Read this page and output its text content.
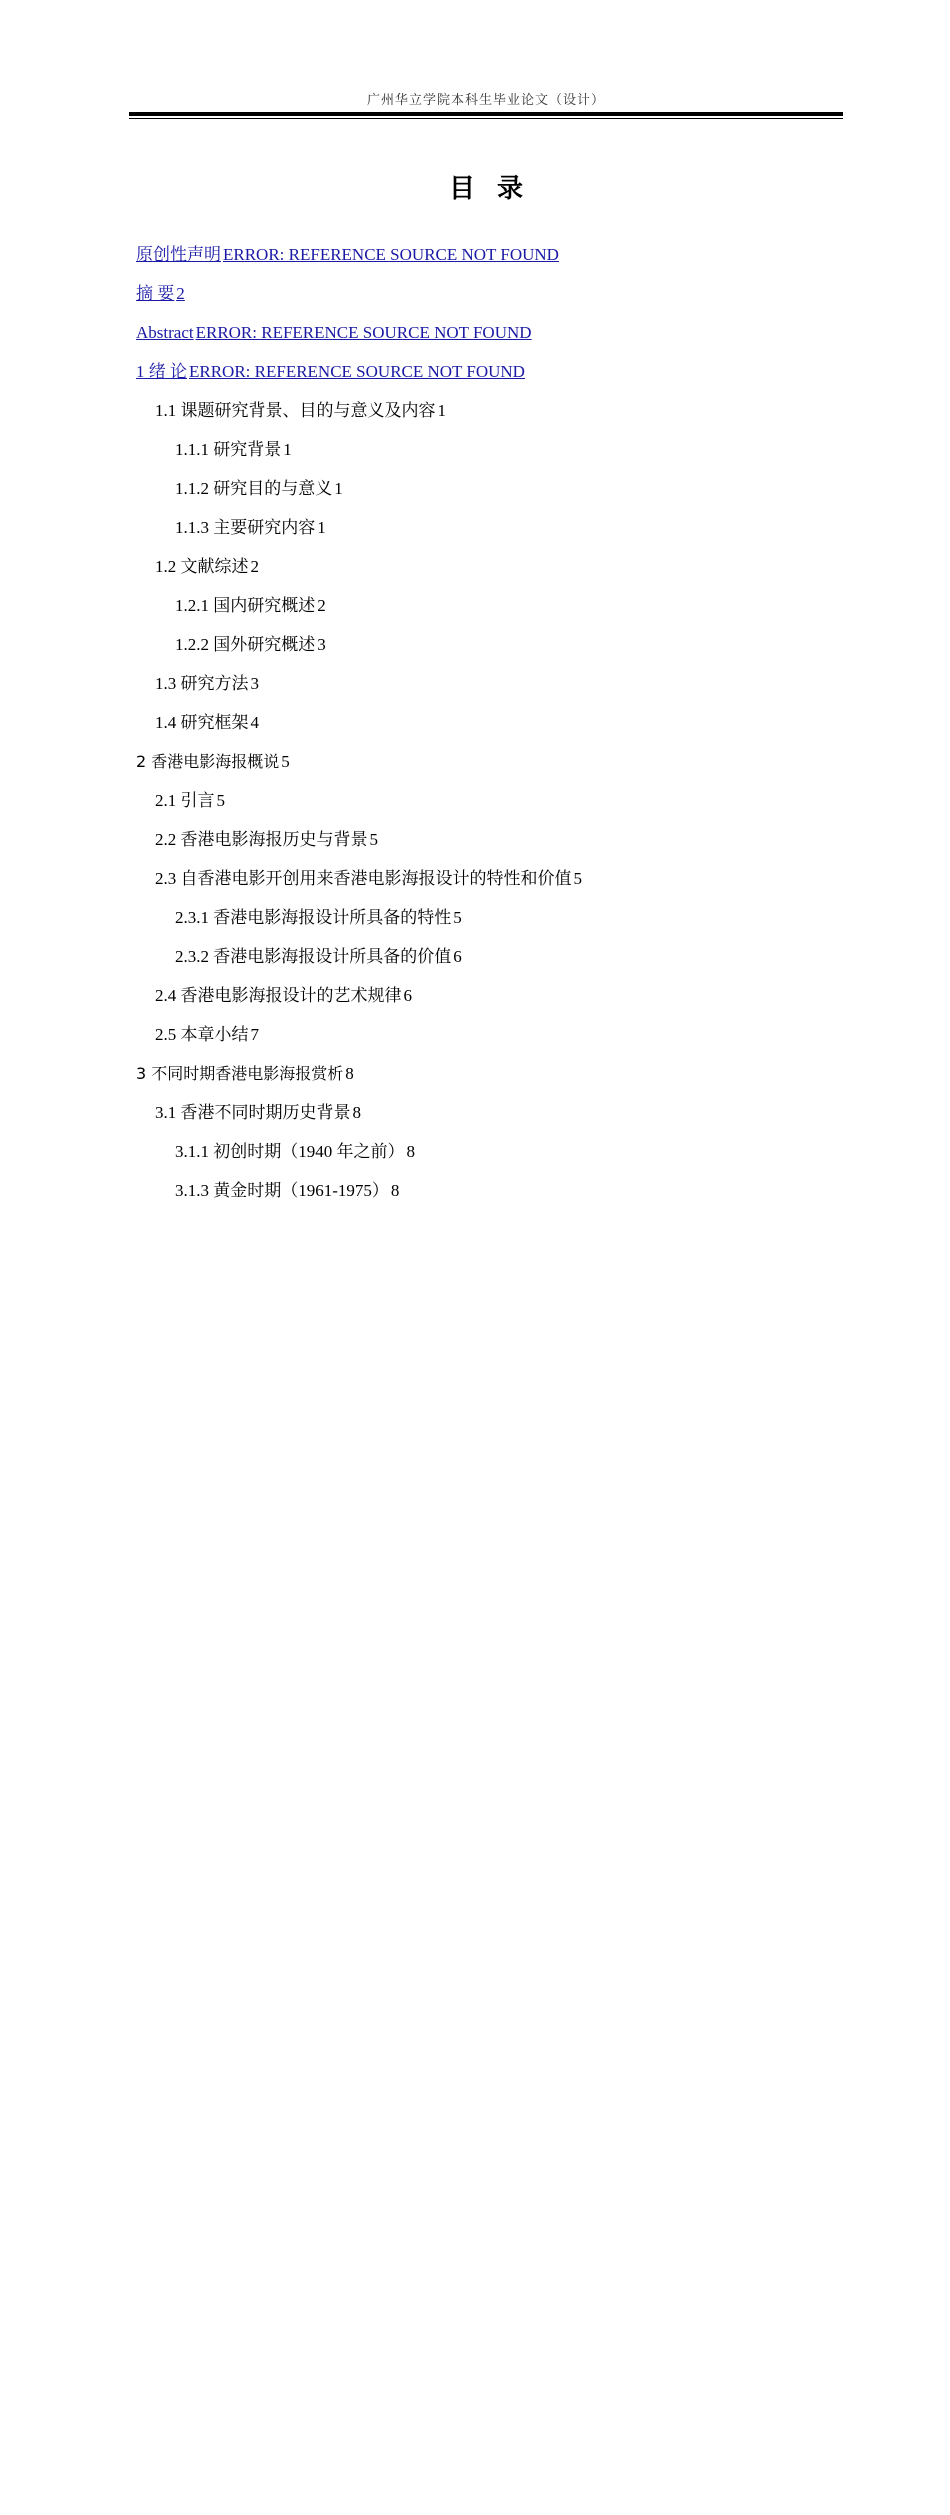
广州华立学院本科生毕业论文（设计）
目录
原创性声明 ERROR: REFERENCE SOURCE NOT FOUND
摘 要 2
Abstract ERROR: REFERENCE SOURCE NOT FOUND
1 绪 论 ERROR: REFERENCE SOURCE NOT FOUND
1.1 课题研究背景、目的与意义及内容 1
1.1.1 研究背景 1
1.1.2 研究目的与意义 1
1.1.3 主要研究内容 1
1.2 文献综述 2
1.2.1 国内研究概述 2
1.2.2 国外研究概述 3
1.3 研究方法 3
1.4 研究框架 4
2 香港电影海报概说 5
2.1 引言 5
2.2 香港电影海报历史与背景 5
2.3 自香港电影开创用来香港电影海报设计的特性和价值 5
2.3.1 香港电影海报设计所具备的特性 5
2.3.2 香港电影海报设计所具备的价值 6
2.4 香港电影海报设计的艺术规律 6
2.5 本章小结 7
3 不同时期香港电影海报赏析 8
3.1 香港不同时期历史背景 8
3.1.1 初创时期（1940 年之前） 8
3.1.3 黄金时期（1961-1975） 8
